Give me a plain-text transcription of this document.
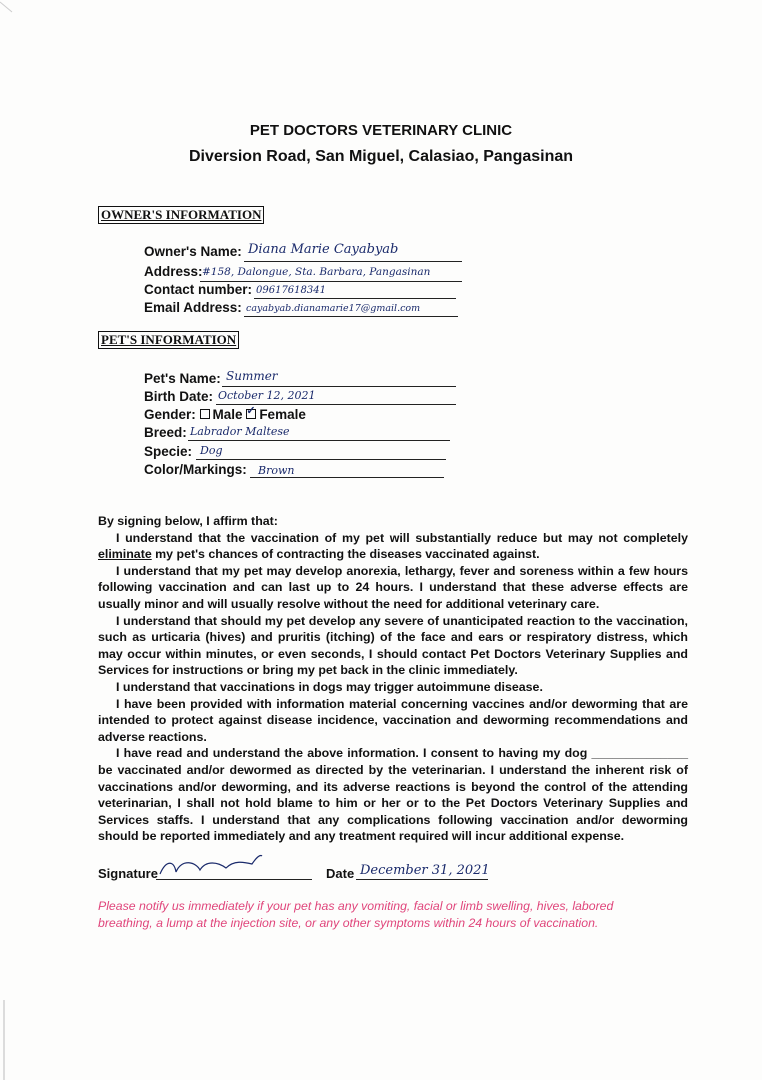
PET DOCTORS VETERINARY CLINIC
Diversion Road, San Miguel, Calasiao, Pangasinan
OWNER'S INFORMATION
Owner's Name: Diana Marie Cayabyab
Address: #158, Dalongue, Sta. Barbara, Pangasinan
Contact number: 09617618341
Email Address: cayabyab.dianamarie17@gmail.com
PET'S INFORMATION
Pet's Name: Summer
Birth Date: October 12, 2021
Gender: Male ✓ Female
Breed: Labrador Maltese
Specie: Dog
Color/Markings: Brown

By signing below, I affirm that:

I understand that the vaccination of my pet will substantially reduce but may not completely eliminate my pet's chances of contracting the diseases vaccinated against.

I understand that my pet may develop anorexia, lethargy, fever and soreness within a few hours following vaccination and can last up to 24 hours. I understand that these adverse effects are usually minor and will usually resolve without the need for additional veterinary care.

I understand that should my pet develop any severe of unanticipated reaction to the vaccination, such as urticaria (hives) and pruritis (itching) of the face and ears or respiratory distress, which may occur within minutes, or even seconds, I should contact Pet Doctors Veterinary Supplies and Services for instructions or bring my pet back in the clinic immediately.

I understand that vaccinations in dogs may trigger autoimmune disease.

I have been provided with information material concerning vaccines and/or deworming that are intended to protect against disease incidence, vaccination and deworming recommendations and adverse reactions.

I have read and understand the above information. I consent to having my dog ______________ be vaccinated and/or dewormed as directed by the veterinarian. I understand the inherent risk of vaccinations and/or deworming, and its adverse reactions is beyond the control of the attending veterinarian, I shall not hold blame to him or her or to the Pet Doctors Veterinary Supplies and Services staffs. I understand that any complications following vaccination and/or deworming should be reported immediately and any treatment required will incur additional expense.

Signature	Date December 31, 2021
Please notify us immediately if your pet has any vomiting, facial or limb swelling, hives, labored breathing, a lump at the injection site, or any other symptoms within 24 hours of vaccination.
